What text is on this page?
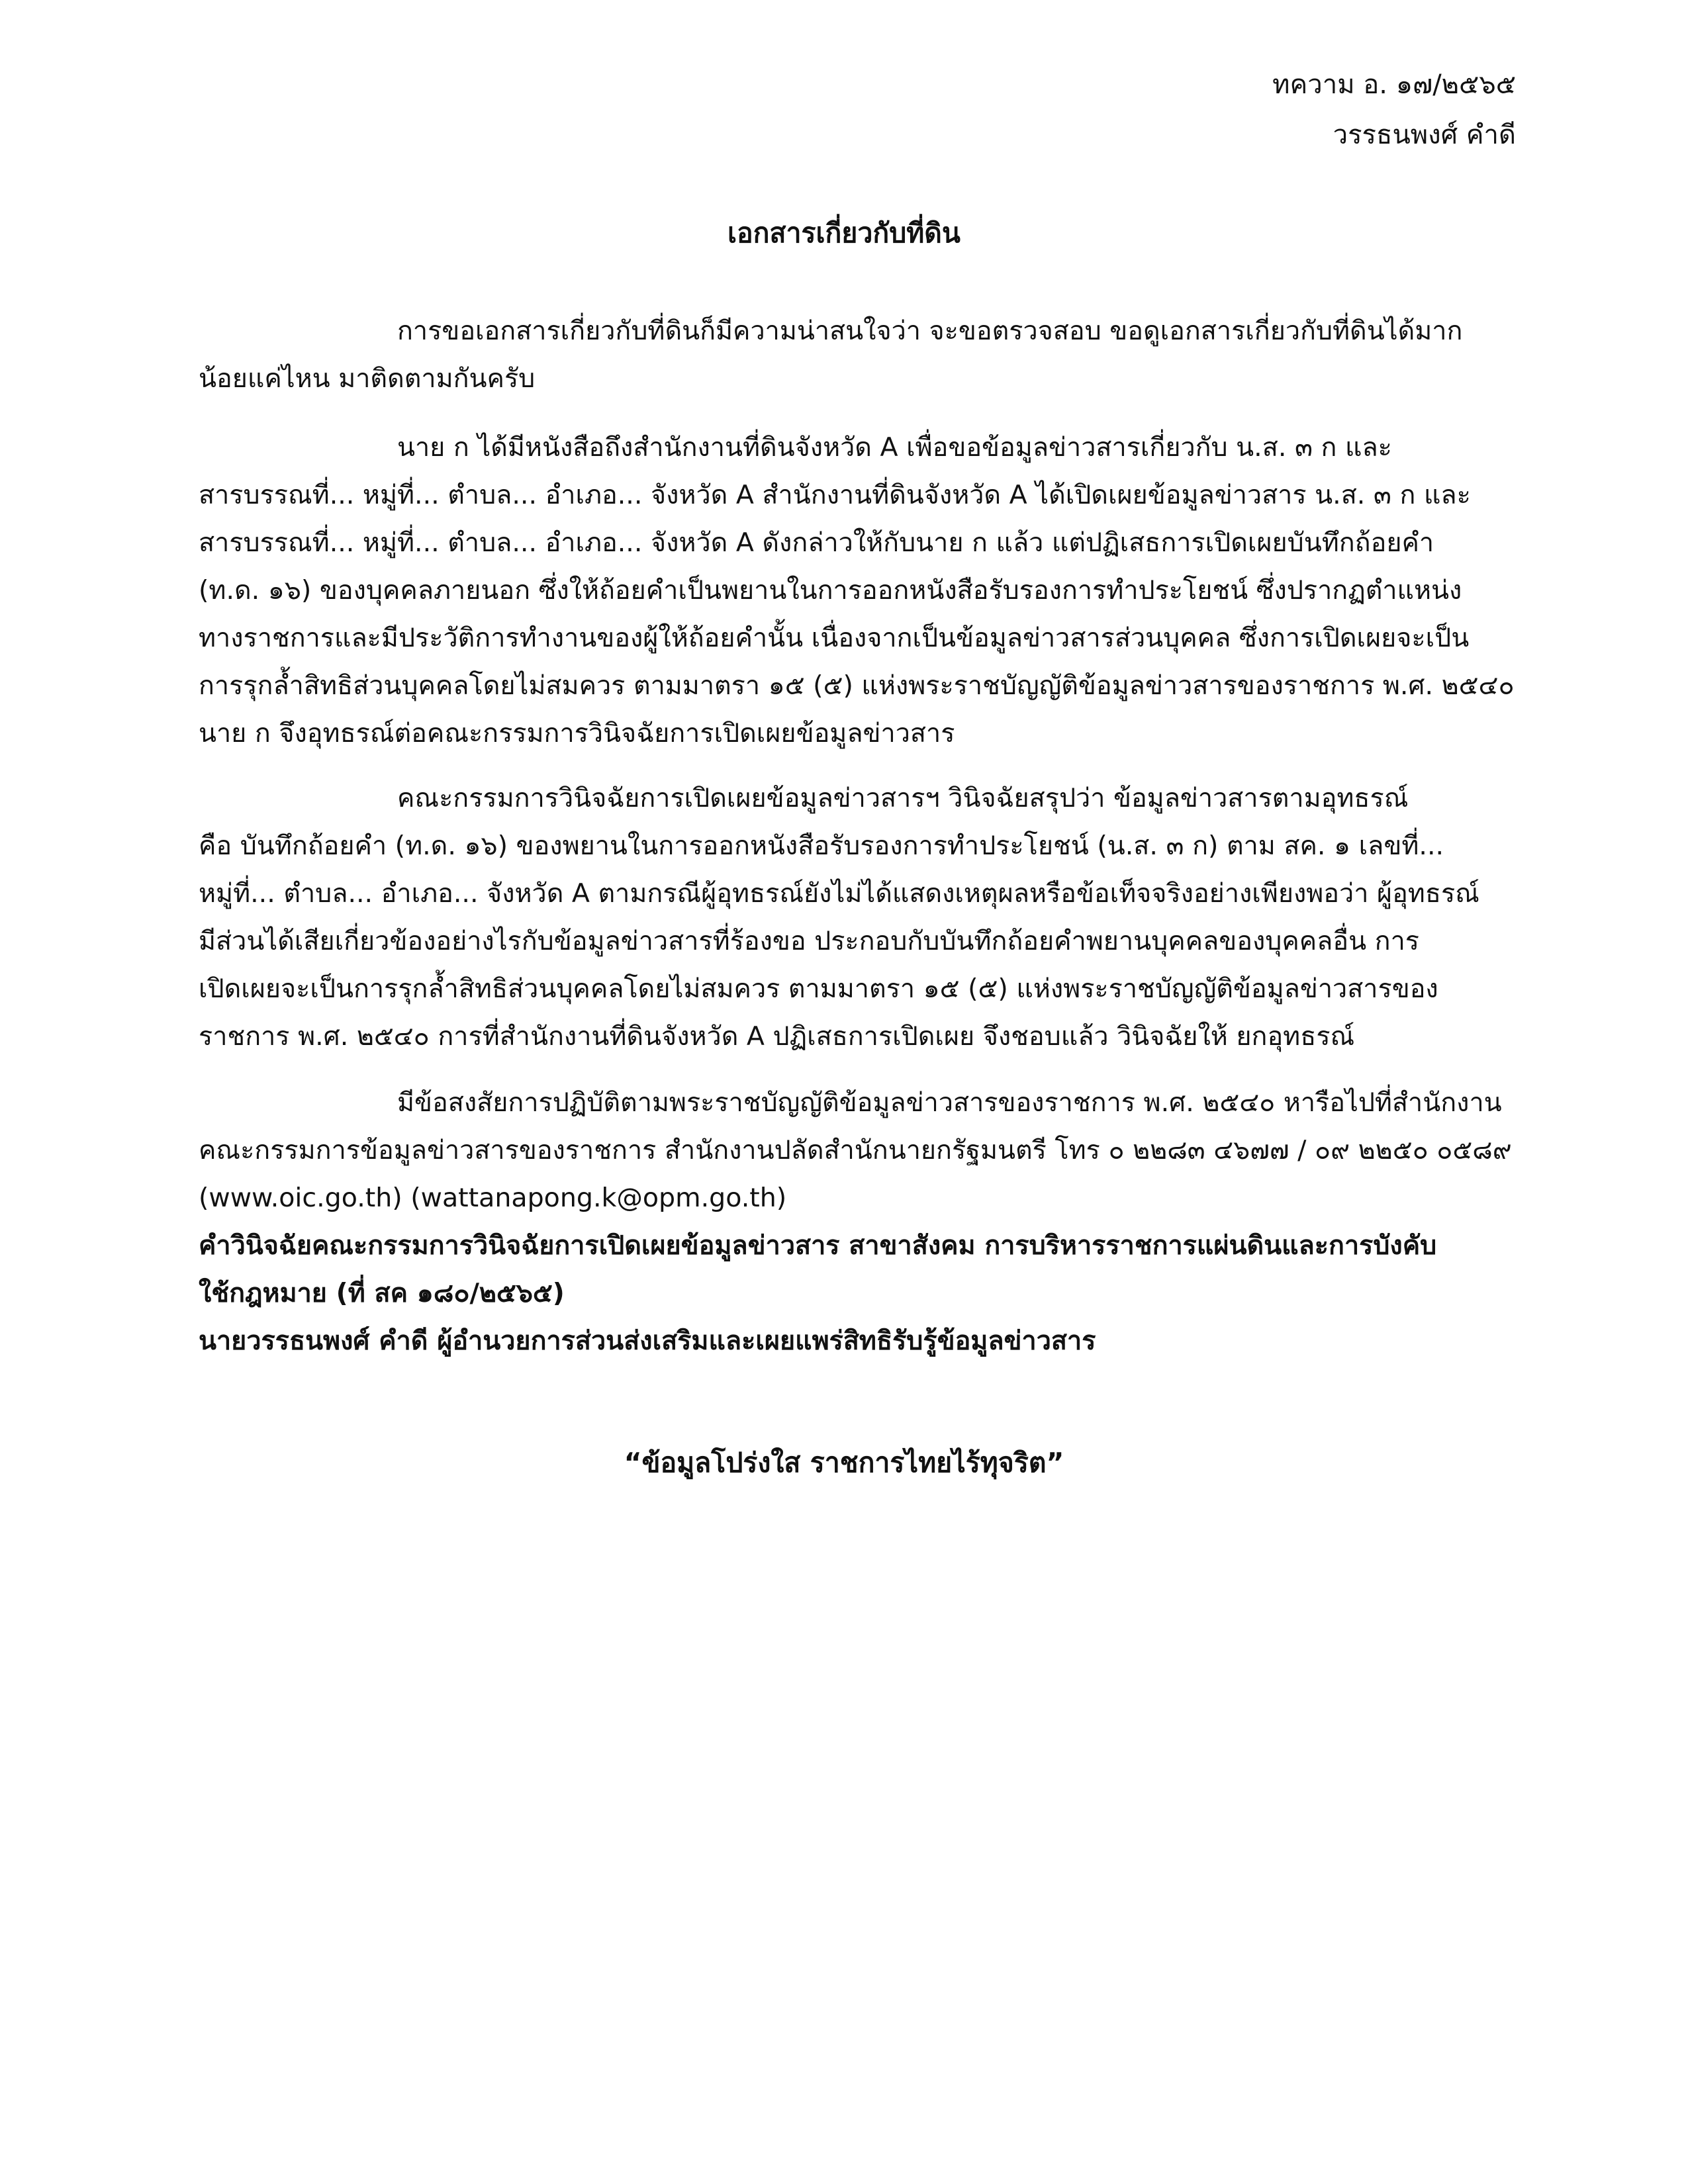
ทความ อ. ๑๗/๒๕๖๕
วรรธนพงศ์ คำดี
เอกสารเกี่ยวกับที่ดิน
การขอเอกสารเกี่ยวกับที่ดินก็มีความน่าสนใจว่า จะขอตรวจสอบ ขอดูเอกสารเกี่ยวกับที่ดินได้มาก
น้อยแค่ไหน มาติดตามกันครับ
นาย ก ได้มีหนังสือถึงสำนักงานที่ดินจังหวัด A เพื่อขอข้อมูลข่าวสารเกี่ยวกับ น.ส. ๓ ก และ
สารบรรณที่... หมู่ที่... ตำบล... อำเภอ... จังหวัด A สำนักงานที่ดินจังหวัด A ได้เปิดเผยข้อมูลข่าวสาร น.ส. ๓ ก และ
สารบรรณที่... หมู่ที่... ตำบล... อำเภอ... จังหวัด A ดังกล่าวให้กับนาย ก แล้ว แต่ปฏิเสธการเปิดเผยบันทึกถ้อยคำ
(ท.ด. ๑๖) ของบุคคลภายนอก ซึ่งให้ถ้อยคำเป็นพยานในการออกหนังสือรับรองการทำประโยชน์ ซึ่งปรากฏตำแหน่ง
ทางราชการและมีประวัติการทำงานของผู้ให้ถ้อยคำนั้น เนื่องจากเป็นข้อมูลข่าวสารส่วนบุคคล ซึ่งการเปิดเผยจะเป็น
การรุกล้ำสิทธิส่วนบุคคลโดยไม่สมควร ตามมาตรา ๑๕ (๕) แห่งพระราชบัญญัติข้อมูลข่าวสารของราชการ พ.ศ. ๒๕๔๐
นาย ก จึงอุทธรณ์ต่อคณะกรรมการวินิจฉัยการเปิดเผยข้อมูลข่าวสาร
คณะกรรมการวินิจฉัยการเปิดเผยข้อมูลข่าวสารฯ วินิจฉัยสรุปว่า ข้อมูลข่าวสารตามอุทธรณ์
คือ บันทึกถ้อยคำ (ท.ด. ๑๖) ของพยานในการออกหนังสือรับรองการทำประโยชน์ (น.ส. ๓ ก) ตาม สค. ๑ เลขที่...
หมู่ที่... ตำบล... อำเภอ... จังหวัด A ตามกรณีผู้อุทธรณ์ยังไม่ได้แสดงเหตุผลหรือข้อเท็จจริงอย่างเพียงพอว่า ผู้อุทธรณ์
มีส่วนได้เสียเกี่ยวข้องอย่างไรกับข้อมูลข่าวสารที่ร้องขอ ประกอบกับบันทึกถ้อยคำพยานบุคคลของบุคคลอื่น การ
เปิดเผยจะเป็นการรุกล้ำสิทธิส่วนบุคคลโดยไม่สมควร ตามมาตรา ๑๕ (๕) แห่งพระราชบัญญัติข้อมูลข่าวสารของ
ราชการ พ.ศ. ๒๕๔๐ การที่สำนักงานที่ดินจังหวัด A ปฏิเสธการเปิดเผย จึงชอบแล้ว วินิจฉัยให้ ยกอุทธรณ์
มีข้อสงสัยการปฏิบัติตามพระราชบัญญัติข้อมูลข่าวสารของราชการ พ.ศ. ๒๕๔๐ หารือไปที่สำนักงาน
คณะกรรมการข้อมูลข่าวสารของราชการ สำนักงานปลัดสำนักนายกรัฐมนตรี โทร ๐ ๒๒๘๓ ๔๖๗๗ / ๐๙ ๒๒๕๐ ๐๕๘๙
(www.oic.go.th) (wattanapong.k@opm.go.th)
คำวินิจฉัยคณะกรรมการวินิจฉัยการเปิดเผยข้อมูลข่าวสาร สาขาสังคม การบริหารราชการแผ่นดินและการบังคับ
ใช้กฎหมาย (ที่ สค ๑๘๐/๒๕๖๕)
นายวรรธนพงศ์ คำดี ผู้อำนวยการส่วนส่งเสริมและเผยแพร่สิทธิรับรู้ข้อมูลข่าวสาร
“ข้อมูลโปร่งใส ราชการไทยไร้ทุจริต”
